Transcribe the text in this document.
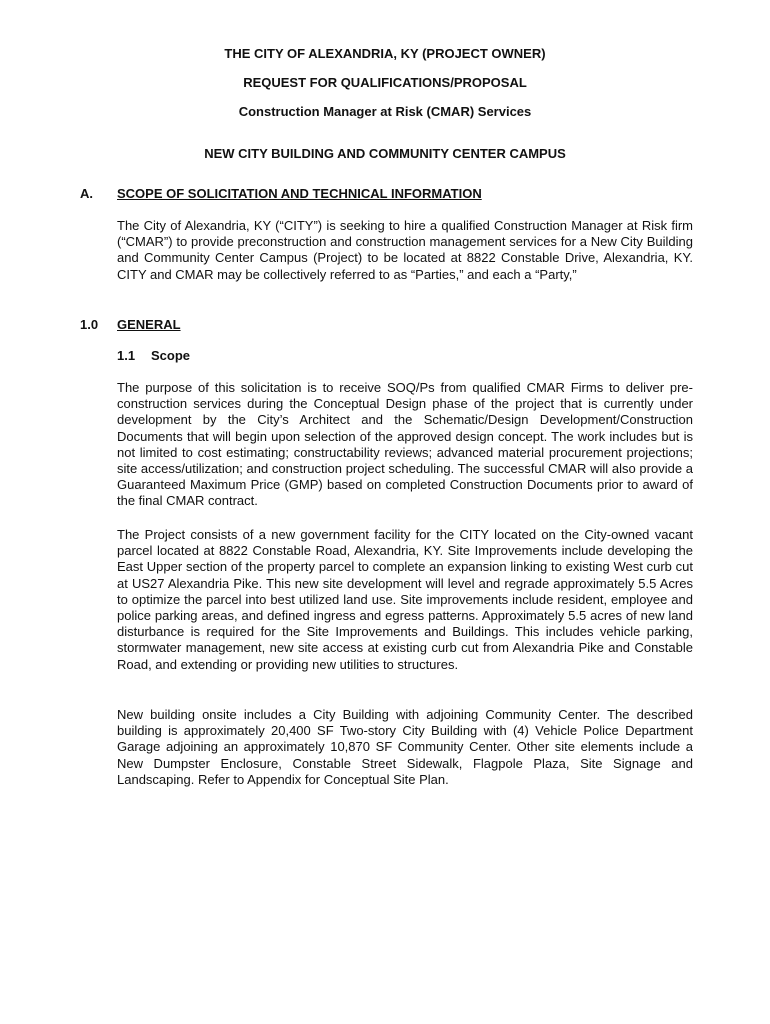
THE CITY OF ALEXANDRIA, KY (PROJECT OWNER)
REQUEST FOR QUALIFICATIONS/PROPOSAL
Construction Manager at Risk (CMAR) Services
NEW CITY BUILDING AND COMMUNITY CENTER CAMPUS
A. SCOPE OF SOLICITATION AND TECHNICAL INFORMATION

The City of Alexandria, KY (“CITY”) is seeking to hire a qualified Construction Manager at Risk firm (“CMAR”) to provide preconstruction and construction management services for a New City Building and Community Center Campus (Project) to be located at 8822 Constable Drive, Alexandria, KY. CITY and CMAR may be collectively referred to as “Parties,” and each a “Party,”

1.0 GENERAL
1.1 Scope

The purpose of this solicitation is to receive SOQ/Ps from qualified CMAR Firms to deliver pre-construction services during the Conceptual Design phase of the project that is currently under development by the City’s Architect and the Schematic/Design Development/Construction Documents that will begin upon selection of the approved design concept. The work includes but is not limited to cost estimating; constructability reviews; advanced material procurement projections; site access/utilization; and construction project scheduling. The successful CMAR will also provide a Guaranteed Maximum Price (GMP) based on completed Construction Documents prior to award of the final CMAR contract.

The Project consists of a new government facility for the CITY located on the City-owned vacant parcel located at 8822 Constable Road, Alexandria, KY. Site Improvements include developing the East Upper section of the property parcel to complete an expansion linking to existing West curb cut at US27 Alexandria Pike. This new site development will level and regrade approximately 5.5 Acres to optimize the parcel into best utilized land use. Site improvements include resident, employee and police parking areas, and defined ingress and egress patterns. Approximately 5.5 acres of new land disturbance is required for the Site Improvements and Buildings. This includes vehicle parking, stormwater management, new site access at existing curb cut from Alexandria Pike and Constable Road, and extending or providing new utilities to structures.

New building onsite includes a City Building with adjoining Community Center. The described building is approximately 20,400 SF Two-story City Building with (4) Vehicle Police Department Garage adjoining an approximately 10,870 SF Community Center. Other site elements include a New Dumpster Enclosure, Constable Street Sidewalk, Flagpole Plaza, Site Signage and Landscaping. Refer to Appendix for Conceptual Site Plan.
